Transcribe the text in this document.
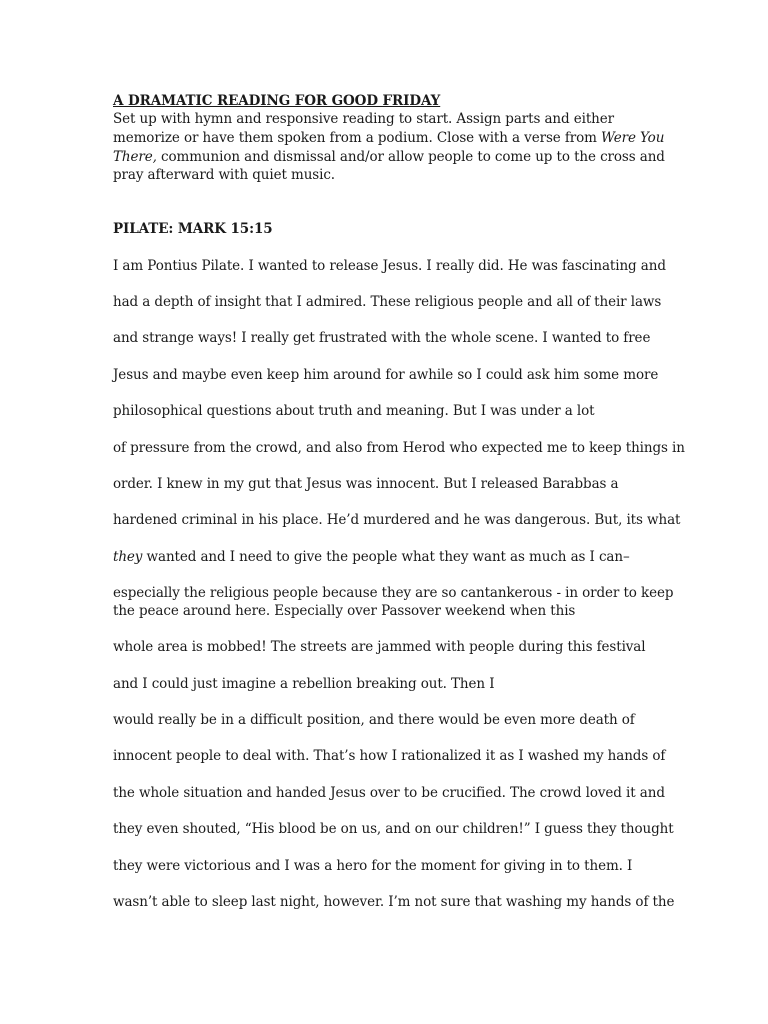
A DRAMATIC READING FOR GOOD FRIDAY

Set up with hymn and responsive reading to start. Assign parts and either

memorize or have them spoken from a podium. Close with a verse from Were You

There, communion and dismissal and/or allow people to come up to the cross and

pray afterward with quiet music.

PILATE: MARK 15:15

I am Pontius Pilate. I wanted to release Jesus. I really did. He was fascinating and

had a depth of insight that I admired. These religious people and all of their laws

and strange ways! I really get frustrated with the whole scene. I wanted to free

Jesus and maybe even keep him around for awhile so I could ask him some more

philosophical questions about truth and meaning. But I was under a lot

of pressure from the crowd, and also from Herod who expected me to keep things in

order. I knew in my gut that Jesus was innocent. But I released Barabbas a

hardened criminal in his place. He’d murdered and he was dangerous. But, its what

they wanted and I need to give the people what they want as much as I can–

especially the religious people because they are so cantankerous - in order to keep

the peace around here. Especially over Passover weekend when this

whole area is mobbed! The streets are jammed with people during this festival

and I could just imagine a rebellion breaking out. Then I

would really be in a difficult position, and there would be even more death of

innocent people to deal with. That’s how I rationalized it as I washed my hands of

the whole situation and handed Jesus over to be crucified. The crowd loved it and

they even shouted, “His blood be on us, and on our children!” I guess they thought

they were victorious and I was a hero for the moment for giving in to them. I

wasn’t able to sleep last night, however. I’m not sure that washing my hands of the
